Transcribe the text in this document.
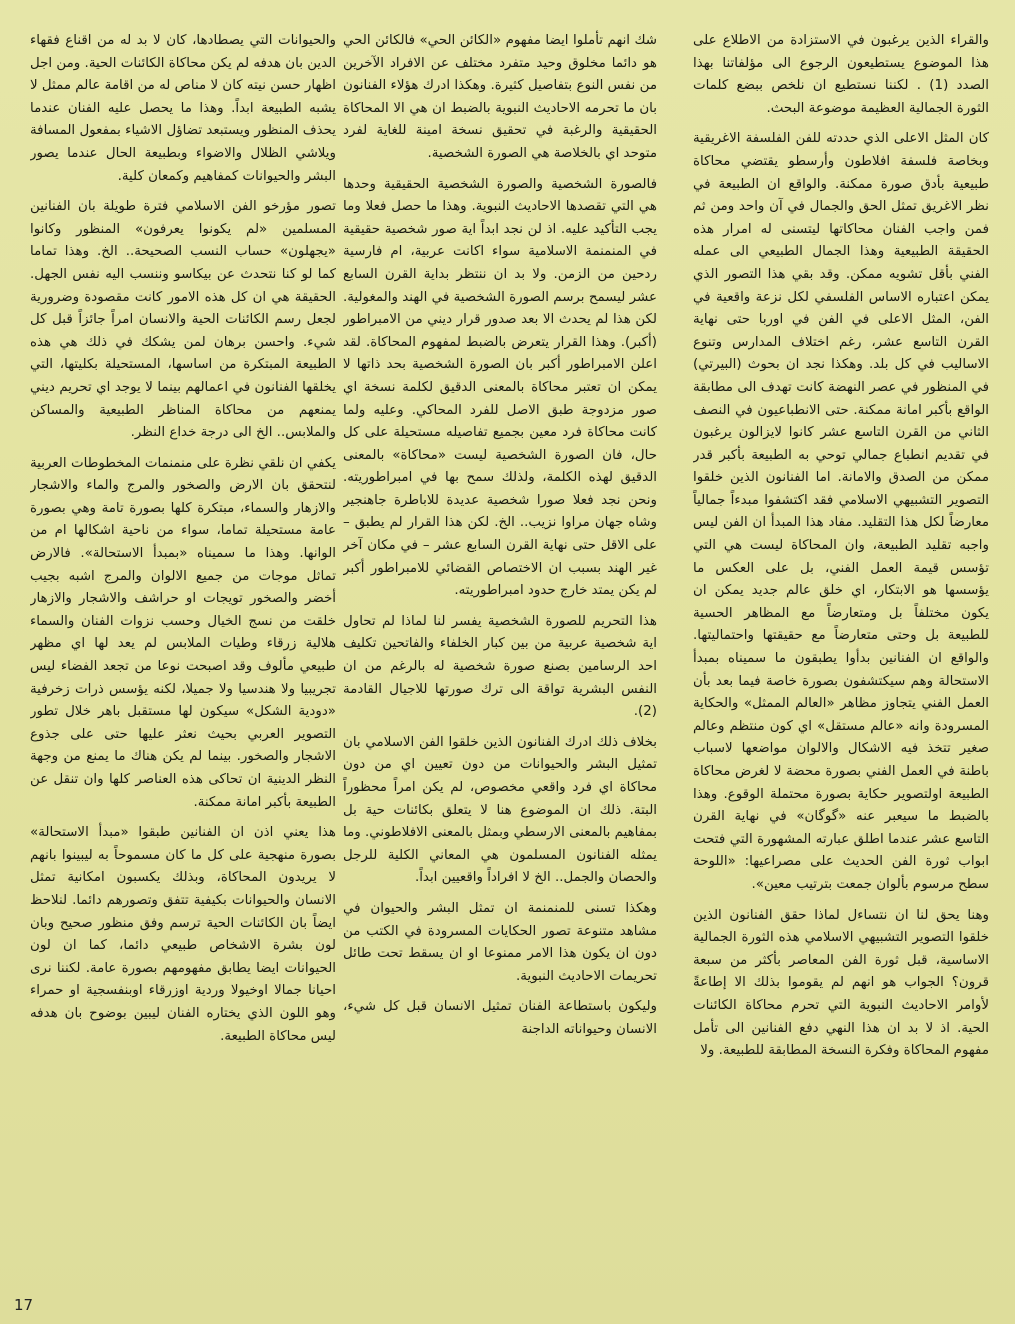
والقراء الذين يرغبون في الاستزادة من الاطلاع على هذا الموضوع يستطيعون الرجوع الى مؤلفاتنا بهذا الصدد (1) . لكننا نستطيع ان نلخص ببضع كلمات الثورة الجمالية العظيمة موضوعة البحث.

كان المثل الاعلى الذي حددته للفن الفلسفة الاغريقية وبخاصة فلسفة افلاطون وأرسطو يقتضي محاكاة طبيعية بأدق صورة ممكنة. والواقع ان الطبيعة في نظر الاغريق تمثل الحق والجمال في آن واحد ومن ثم فمن واجب الفنان محاكاتها ليتسنى له امرار هذه الحقيقة الطبيعية وهذا الجمال الطبيعي الى عمله الفني بأقل تشويه ممكن. وقد بقي هذا التصور الذي يمكن اعتباره الاساس الفلسفي لكل نزعة واقعية في الفن، المثل الاعلى في الفن في اوربا حتى نهاية القرن التاسع عشر، رغم اختلاف المدارس وتنوع الاساليب في كل بلد. وهكذا نجد ان بحوث (البيرتي) في المنظور في عصر النهضة كانت تهدف الى مطابقة الواقع بأكبر امانة ممكنة. حتى الانطباعيون في النصف الثاني من القرن التاسع عشر كانوا لايزالون يرغبون في تقديم انطباع جمالي توحي به الطبيعة بأكبر قدر ممكن من الصدق والامانة. اما الفنانون الذين خلقوا التصوير التشبيهي الاسلامي فقد اكتشفوا مبدءاً جمالياً معارضاً لكل هذا التقليد. مفاد هذا المبدأ ان الفن ليس واجبه تقليد الطبيعة، وان المحاكاة ليست هي التي تؤسس قيمة العمل الفني، بل على العكس ما يؤسسها هو الابتكار، اي خلق عالم جديد يمكن ان يكون مختلفاً بل ومتعارضاً مع المظاهر الحسية للطبيعة بل وحتى متعارضاً مع حقيقتها واحتماليتها. والواقع ان الفنانين بدأوا يطبقون ما سميناه بمبدأ الاستحالة وهم سيكتشفون بصورة خاصة فيما بعد بأن العمل الفني يتجاوز مظاهر «العالم الممثل» والحكاية المسرودة وانه «عالم مستقل» اي كون منتظم وعالم صغير تتخذ فيه الاشكال والالوان مواضعها لاسباب باطنة في العمل الفني بصورة محضة لا لغرض محاكاة الطبيعة اولتصوير حكاية بصورة محتملة الوقوع. وهذا بالضبط ما سيعبر عنه «گوگان» في نهاية القرن التاسع عشر عندما اطلق عبارته المشهورة التي فتحت ابواب ثورة الفن الحديث على مصراعيها: «اللوحة سطح مرسوم بألوان جمعت بترتيب معين».

وهنا يحق لنا ان نتساءل لماذا حقق الفنانون الذين خلقوا التصوير التشبيهي الاسلامي هذه الثورة الجمالية الاساسية، قبل ثورة الفن المعاصر بأكثر من سبعة قرون؟ الجواب هو انهم لم يقوموا بذلك الا إطاعةً لأوامر الاحاديث النبوية التي تحرم محاكاة الكائنات الحية. اذ لا بد ان هذا النهي دفع الفنانين الى تأمل مفهوم المحاكاة وفكرة النسخة المطابقة للطبيعة. ولا

شك انهم تأملوا ايضا مفهوم «الكائن الحي» فالكائن الحي هو دائما مخلوق وحيد متفرد مختلف عن الافراد الآخرين من نفس النوع بتفاصيل كثيرة. وهكذا ادرك هؤلاء الفنانون بان ما تحرمه الاحاديث النبوية بالضبط ان هي الا المحاكاة الحقيقية والرغبة في تحقيق نسخة امينة للغاية لفرد متوحد اي بالخلاصة هي الصورة الشخصية.

فالصورة الشخصية والصورة الشخصية الحقيقية وحدها هي التي تقصدها الاحاديث النبوية. وهذا ما حصل فعلا وما يجب التأكيد عليه. اذ لن نجد ابداً اية صور شخصية حقيقية في المنمنمة الاسلامية سواء اكانت عربية، ام فارسية ردحين من الزمن. ولا بد ان ننتظر بداية القرن السابع عشر ليسمح برسم الصورة الشخصية في الهند والمغولية. لكن هذا لم يحدث الا بعد صدور قرار ديني من الامبراطور (أكبر). وهذا القرار يتعرض بالضبط لمفهوم المحاكاة. لقد اعلن الامبراطور أكبر بان الصورة الشخصية بحد ذاتها لا يمكن ان تعتبر محاكاة بالمعنى الدقيق لكلمة نسخة اي صور مزدوجة طبق الاصل للفرد المحاكي. وعليه ولما كانت محاكاة فرد معين بجميع تفاصيله مستحيلة على كل حال، فان الصورة الشخصية ليست «محاكاة» بالمعنى الدقيق لهذه الكلمة، ولذلك سمح بها في امبراطوريته. ونحن نجد فعلا صورا شخصية عديدة للاباطرة جاهنجير وشاه جهان مراوا نزيب.. الخ. لكن هذا القرار لم يطبق – على الاقل حتى نهاية القرن السابع عشر – في مكان آخر غير الهند بسبب ان الاختصاص القضائي للامبراطور أكبر لم يكن يمتد خارج حدود امبراطوريته.

هذا التحريم للصورة الشخصية يفسر لنا لماذا لم تحاول اية شخصية عربية من بين كبار الخلفاء والفاتحين تكليف احد الرسامين بصنع صورة شخصية له بالرغم من ان النفس البشرية تواقة الى ترك صورتها للاجيال القادمة (2).

بخلاف ذلك ادرك الفنانون الذين خلقوا الفن الاسلامي بان تمثيل البشر والحيوانات من دون تعيين اي من دون محاكاة اي فرد واقعي مخصوص، لم يكن امراً محظوراً البتة. ذلك ان الموضوع هنا لا يتعلق بكائنات حية بل بمفاهيم بالمعنى الارسطي وبمثل بالمعنى الافلاطوني. وما يمثله الفنانون المسلمون هي المعاني الكلية للرجل والحصان والجمل.. الخ لا افراداً واقعيين ابداً.

وهكذا تسنى للمنمنمة ان تمثل البشر والحيوان في مشاهد متنوعة تصور الحكايات المسرودة في الكتب من دون ان يكون هذا الامر ممنوعا او ان يسقط تحت طائل تحريمات الاحاديث النبوية.

وليكون باستطاعة الفنان تمثيل الانسان قبل كل شيء، الانسان وحيواناته الداجنة

والحيوانات التي يصطادها، كان لا بد له من اقناع فقهاء الدين بان هدفه لم يكن محاكاة الكائنات الحية. ومن اجل اظهار حسن نيته كان لا مناص له من اقامة عالم ممثل لا يشبه الطبيعة ابداً. وهذا ما يحصل عليه الفنان عندما يحذف المنظور ويستبعد تضاؤل الاشياء بمفعول المسافة ويلاشي الظلال والاضواء وبطبيعة الحال عندما يصور البشر والحيوانات كمفاهيم وكمعان كلية.

تصور مؤرخو الفن الاسلامي فترة طويلة بان الفنانين المسلمين «لم يكونوا يعرفون» المنظور وكانوا «يجهلون» حساب النسب الصحيحة.. الخ. وهذا تماما كما لو كنا نتحدث عن بيكاسو وننسب اليه نفس الجهل. الحقيقة هي ان كل هذه الامور كانت مقصودة وضرورية لجعل رسم الكائنات الحية والانسان امراً جائزاً قبل كل شيء. واحسن برهان لمن يشكك في ذلك هي هذه الطبيعة المبتكرة من اساسها، المستحيلة بكليتها، التي يخلقها الفنانون في اعمالهم بينما لا يوجد اي تحريم ديني يمنعهم من محاكاة المناظر الطبيعية والمساكن والملابس.. الخ الى درجة خداع النظر.

يكفي ان نلقي نظرة على منمنمات المخطوطات العربية لنتحقق بان الارض والصخور والمرج والماء والاشجار والازهار والسماء، مبتكرة كلها بصورة تامة وهي بصورة عامة مستحيلة تماما، سواء من ناحية اشكالها ام من الوانها. وهذا ما سميناه «بمبدأ الاستحالة». فالارض تماثل موجات من جميع الالوان والمرج اشبه بجيب أخضر والصخور تويجات او حراشف والاشجار والازهار خلقت من نسج الخيال وحسب نزوات الفنان والسماء هلالية زرقاء وطيات الملابس لم يعد لها اي مظهر طبيعي مألوف وقد اصبحت نوعا من تجعد الفضاء ليس تجريبيا ولا هندسيا ولا جميلا، لكنه يؤسس ذرات زخرفية «دودية الشكل» سيكون لها مستقبل باهر خلال تطور التصوير العربي بحيث نعثر عليها حتى على جذوع الاشجار والصخور. بينما لم يكن هناك ما يمنع من وجهة النظر الدينية ان تحاكى هذه العناصر كلها وان تنقل عن الطبيعة بأكبر امانة ممكنة.

هذا يعني اذن ان الفنانين طبقوا «مبدأ الاستحالة» بصورة منهجية على كل ما كان مسموحاً به ليبينوا بانهم لا يريدون المحاكاة، وبذلك يكسبون امكانية تمثل الانسان والحيوانات بكيفية تتفق وتصورهم دائما. لنلاحظ ايضاً بان الكائنات الحية ترسم وفق منظور صحيح وبان لون بشرة الاشخاص طبيعي دائما، كما ان لون الحيوانات ايضا يطابق مفهومهم بصورة عامة. لكننا نرى احيانا جمالا اوخيولا وردية اوزرقاء اوبنفسجية او حمراء وهو اللون الذي يختاره الفنان ليبين بوضوح بان هدفه ليس محاكاة الطبيعة.

17
